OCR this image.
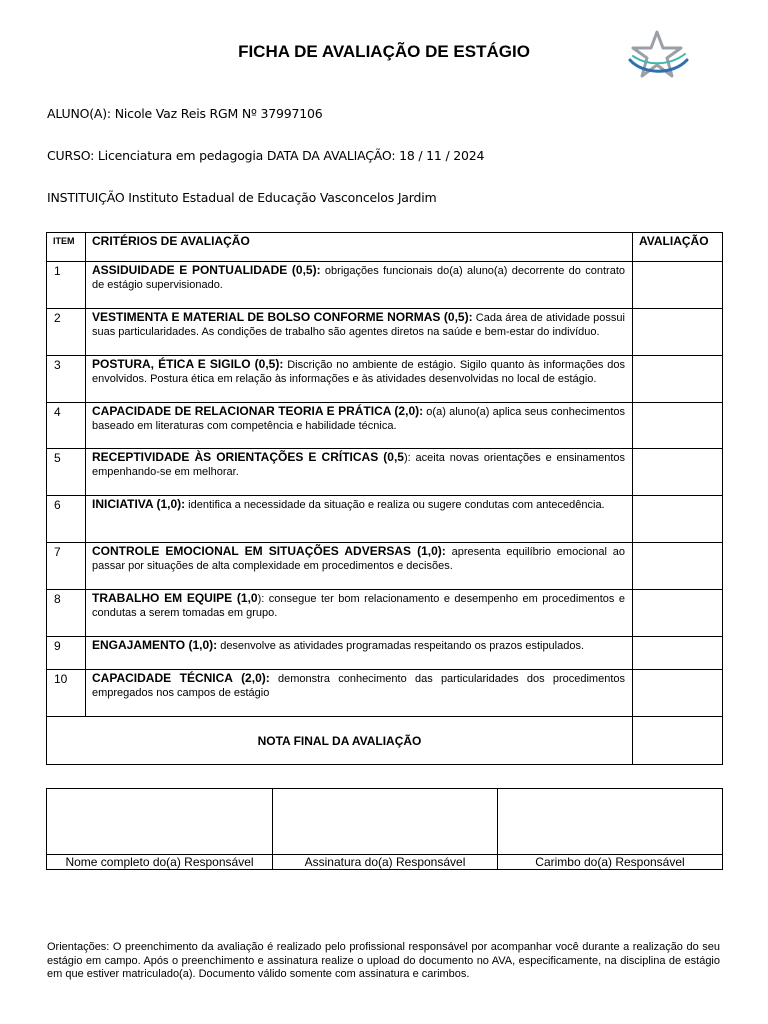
FICHA DE AVALIAÇÃO DE ESTÁGIO
ALUNO(A): Nicole Vaz Reis RGM Nº 37997106
CURSO: Licenciatura em pedagogia DATA DA AVALIAÇÃO: 18 / 11 / 2024
INSTITUIÇÃO Instituto Estadual de Educação Vasconcelos Jardim
ITEM	CRITÉRIOS DE AVALIAÇÃO	AVALIAÇÃO
1	ASSIDUIDADE E PONTUALIDADE (0,5): obrigações funcionais do(a) aluno(a) decorrente do contrato de estágio supervisionado.	
2	VESTIMENTA E MATERIAL DE BOLSO CONFORME NORMAS (0,5): Cada área de atividade possui suas particularidades. As condições de trabalho são agentes diretos na saúde e bem-estar do indivíduo.	
3	POSTURA, ÉTICA E SIGILO (0,5): Discrição no ambiente de estágio. Sigilo quanto às informações dos envolvidos. Postura ética em relação às informações e às atividades desenvolvidas no local de estágio.	
4	CAPACIDADE DE RELACIONAR TEORIA E PRÁTICA (2,0): o(a) aluno(a) aplica seus conhecimentos baseado em literaturas com competência e habilidade técnica.	
5	RECEPTIVIDADE ÀS ORIENTAÇÕES E CRÍTICAS (0,5): aceita novas orientações e ensinamentos empenhando-se em melhorar.	
6	INICIATIVA (1,0): identifica a necessidade da situação e realiza ou sugere condutas com antecedência.	
7	CONTROLE EMOCIONAL EM SITUAÇÕES ADVERSAS (1,0): apresenta equilíbrio emocional ao passar por situações de alta complexidade em procedimentos e decisões.	
8	TRABALHO EM EQUIPE (1,0): consegue ter bom relacionamento e desempenho em procedimentos e condutas a serem tomadas em grupo.	
9	ENGAJAMENTO (1,0): desenvolve as atividades programadas respeitando os prazos estipulados.	
10	CAPACIDADE TÉCNICA (2,0): demonstra conhecimento das particularidades dos procedimentos empregados nos campos de estágio	
NOTA FINAL DA AVALIAÇÃO		

Nome completo do(a) Responsável	Assinatura do(a) Responsável	Carimbo do(a) Responsável
Orientações: O preenchimento da avaliação é realizado pelo profissional responsável por acompanhar você durante a realização do seu estágio em campo. Após o preenchimento e assinatura realize o upload do documento no AVA, especificamente, na disciplina de estágio em que estiver matriculado(a). Documento válido somente com assinatura e carimbos.
